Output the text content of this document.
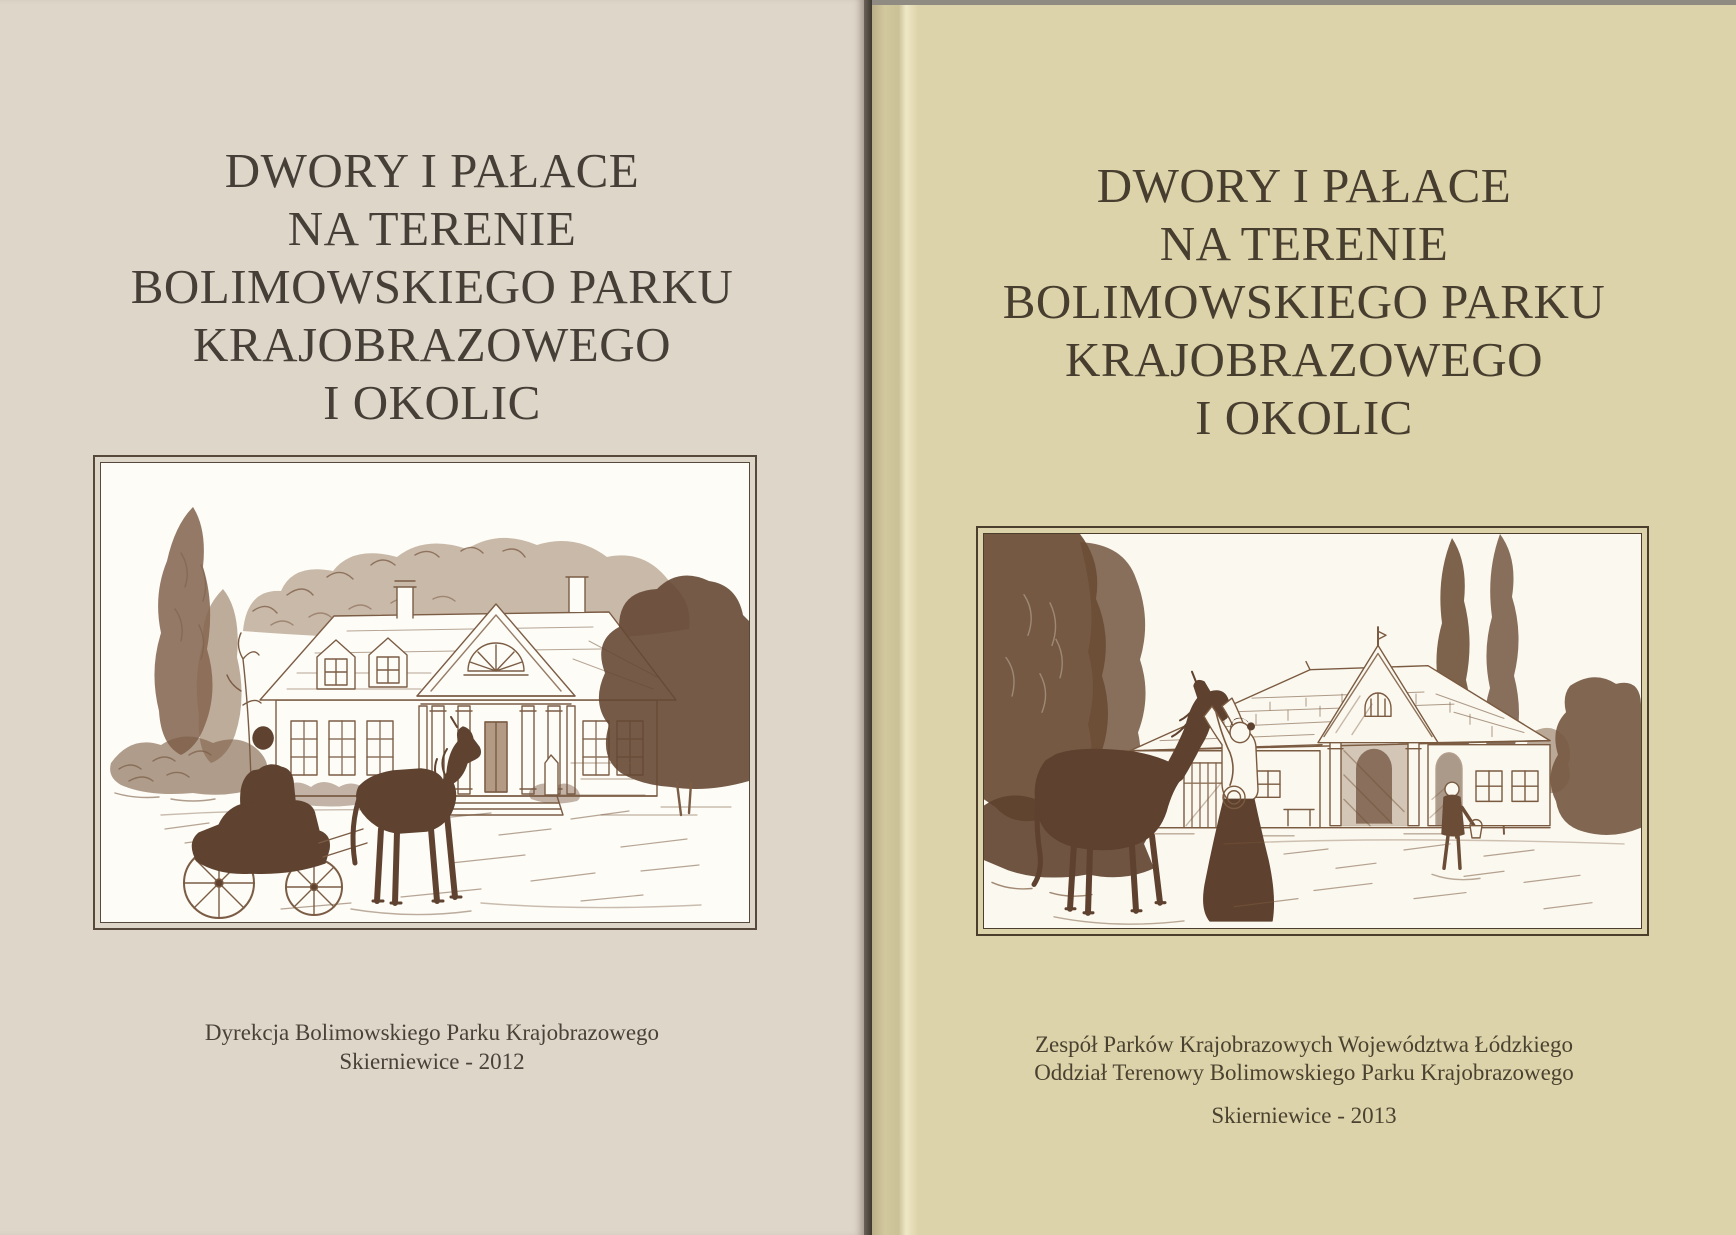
DWORY I PAŁACE
NA TERENIE
BOLIMOWSKIEGO PARKU
KRAJOBRAZOWEGO
I OKOLIC
Dyrekcja Bolimowskiego Parku Krajobrazowego
Skierniewice - 2012
DWORY I PAŁACE
NA TERENIE
BOLIMOWSKIEGO PARKU
KRAJOBRAZOWEGO
I OKOLIC
Zespół Parków Krajobrazowych Województwa Łódzkiego
Oddział Terenowy Bolimowskiego Parku Krajobrazowego
Skierniewice - 2013
